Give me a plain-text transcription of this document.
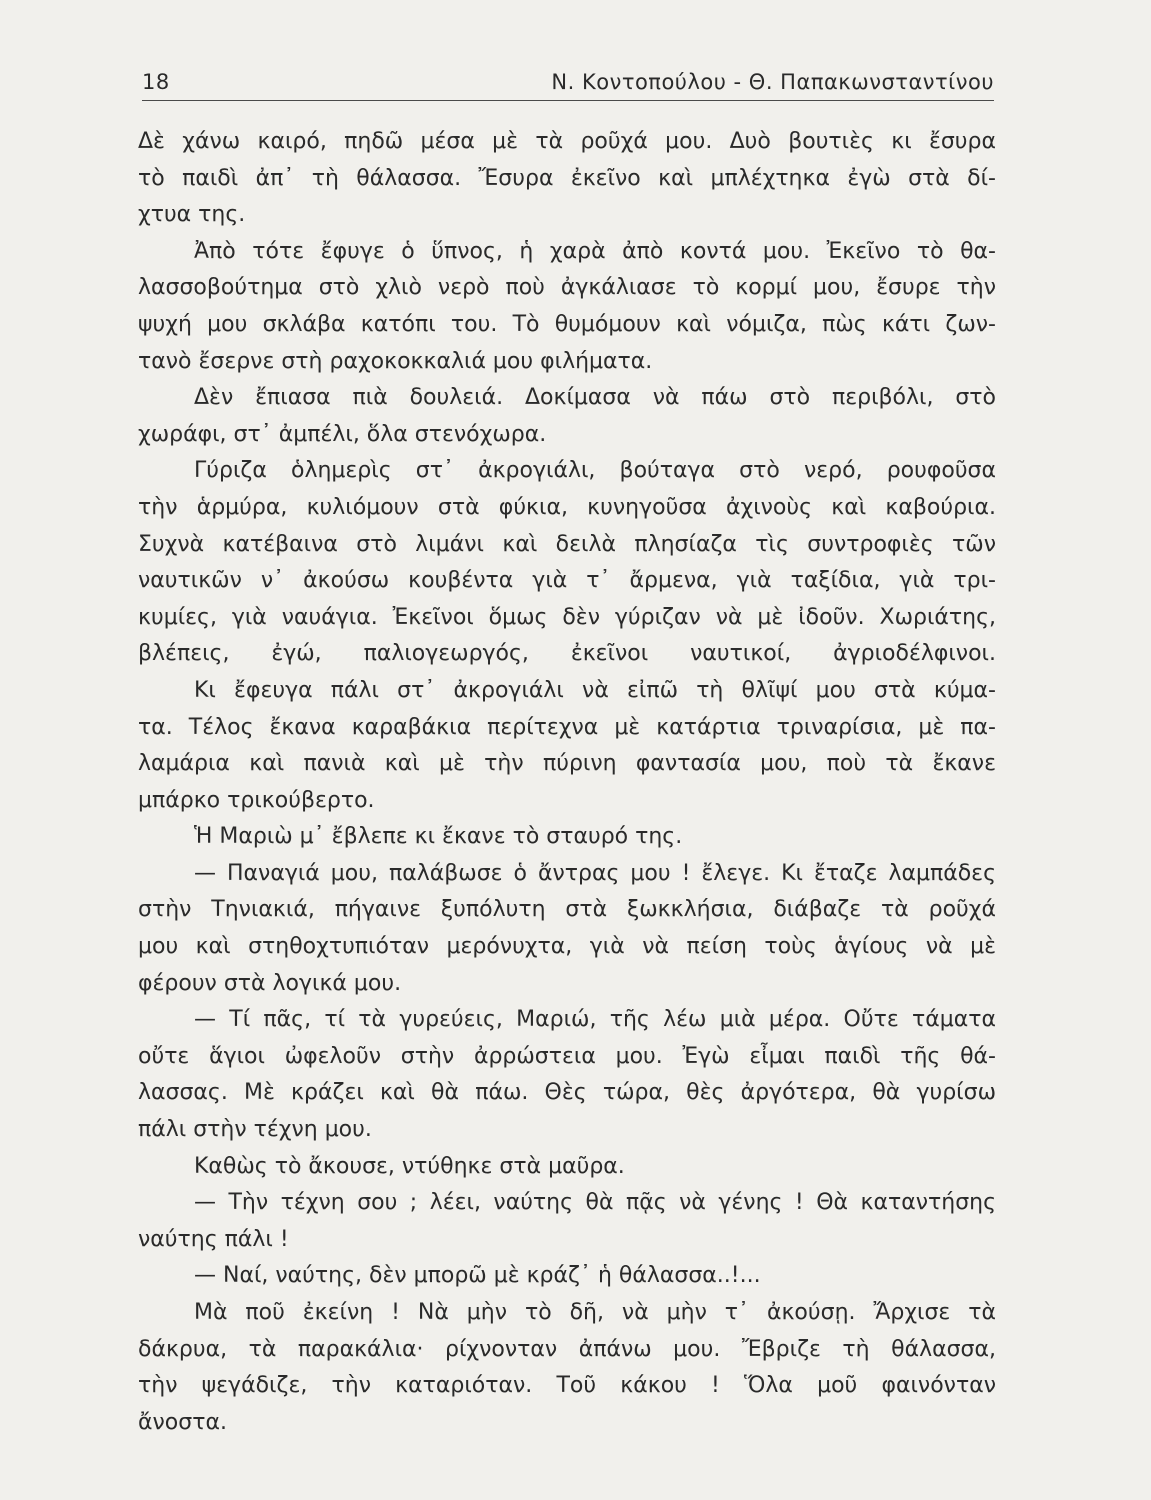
18	Ν. Κοντοπούλου - Θ. Παπακωνσταντίνου
Δὲ χάνω καιρό, πηδῶ μέσα μὲ τὰ ροῦχά μου. Δυὸ βουτιὲς κι ἔσυρα
τὸ παιδὶ ἀπ᾽ τὴ θάλασσα. Ἔσυρα ἐκεῖνο καὶ μπλέχτηκα ἐγὼ στὰ δί-
χτυα της.
Ἀπὸ τότε ἔφυγε ὁ ὕπνος, ἡ χαρὰ ἀπὸ κοντά μου. Ἐκεῖνο τὸ θα-
λασσοβούτημα στὸ χλιὸ νερὸ ποὺ ἀγκάλιασε τὸ κορμί μου, ἔσυρε τὴν
ψυχή μου σκλάβα κατόπι του. Τὸ θυμόμουν καὶ νόμιζα, πὼς κάτι ζων-
τανὸ ἔσερνε στὴ ραχοκοκκαλιά μου φιλήματα.
Δὲν ἔπιασα πιὰ δουλειά. Δοκίμασα νὰ πάω στὸ περιβόλι, στὸ
χωράφι, στ᾽ ἀμπέλι, ὅλα στενόχωρα.
Γύριζα ὁλημερὶς στ᾽ ἀκρογιάλι, βούταγα στὸ νερό, ρουφοῦσα
τὴν ἁρμύρα, κυλιόμουν στὰ φύκια, κυνηγοῦσα ἀχινοὺς καὶ καβούρια.
Συχνὰ κατέβαινα στὸ λιμάνι καὶ δειλὰ πλησίαζα τὶς συντροφιὲς τῶν
ναυτικῶν ν᾽ ἀκούσω κουβέντα γιὰ τ᾽ ἄρμενα, γιὰ ταξίδια, γιὰ τρι-
κυμίες, γιὰ ναυάγια. Ἐκεῖνοι ὅμως δὲν γύριζαν νὰ μὲ ἰδοῦν. Χωριάτης,
βλέπεις, ἐγώ, παλιογεωργός, ἐκεῖνοι ναυτικοί, ἀγριοδέλφινοι.
Κι ἔφευγα πάλι στ᾽ ἀκρογιάλι νὰ εἰπῶ τὴ θλῖψί μου στὰ κύμα-
τα. Τέλος ἔκανα καραβάκια περίτεχνα μὲ κατάρτια τριναρίσια, μὲ πα-
λαμάρια καὶ πανιὰ καὶ μὲ τὴν πύρινη φαντασία μου, ποὺ τὰ ἔκανε
μπάρκο τρικούβερτο.
Ἡ Μαριὼ μ᾽ ἔβλεπε κι ἔκανε τὸ σταυρό της.
— Παναγιά μου, παλάβωσε ὁ ἄντρας μου ! ἔλεγε. Κι ἔταζε λαμπάδες
στὴν Τηνιακιά, πήγαινε ξυπόλυτη στὰ ξωκκλήσια, διάβαζε τὰ ροῦχά
μου καὶ στηθοχτυπιόταν μερόνυχτα, γιὰ νὰ πείση τοὺς ἁγίους νὰ μὲ
φέρουν στὰ λογικά μου.
— Τί πᾶς, τί τὰ γυρεύεις, Μαριώ, τῆς λέω μιὰ μέρα. Οὔτε τάματα
οὔτε ἅγιοι ὠφελοῦν στὴν ἀρρώστεια μου. Ἐγὼ εἶμαι παιδὶ τῆς θά-
λασσας. Μὲ κράζει καὶ θὰ πάω. Θὲς τώρα, θὲς ἀργότερα, θὰ γυρίσω
πάλι στὴν τέχνη μου.
Καθὼς τὸ ἄκουσε, ντύθηκε στὰ μαῦρα.
— Τὴν τέχνη σου ; λέει, ναύτης θὰ πᾷς νὰ γένης ! Θὰ καταντήσης
ναύτης πάλι !
— Ναί, ναύτης, δὲν μπορῶ μὲ κράζ᾽ ἡ θάλασσα..!...
Μὰ ποῦ ἐκείνη ! Νὰ μὴν τὸ δῆ, νὰ μὴν τ᾽ ἀκούσῃ. Ἄρχισε τὰ
δάκρυα, τὰ παρακάλια· ρίχνονταν ἀπάνω μου. Ἔβριζε τὴ θάλασσα,
τὴν ψεγάδιζε, τὴν καταριόταν. Τοῦ κάκου ! Ὅλα μοῦ φαινόνταν
ἄνοστα.
